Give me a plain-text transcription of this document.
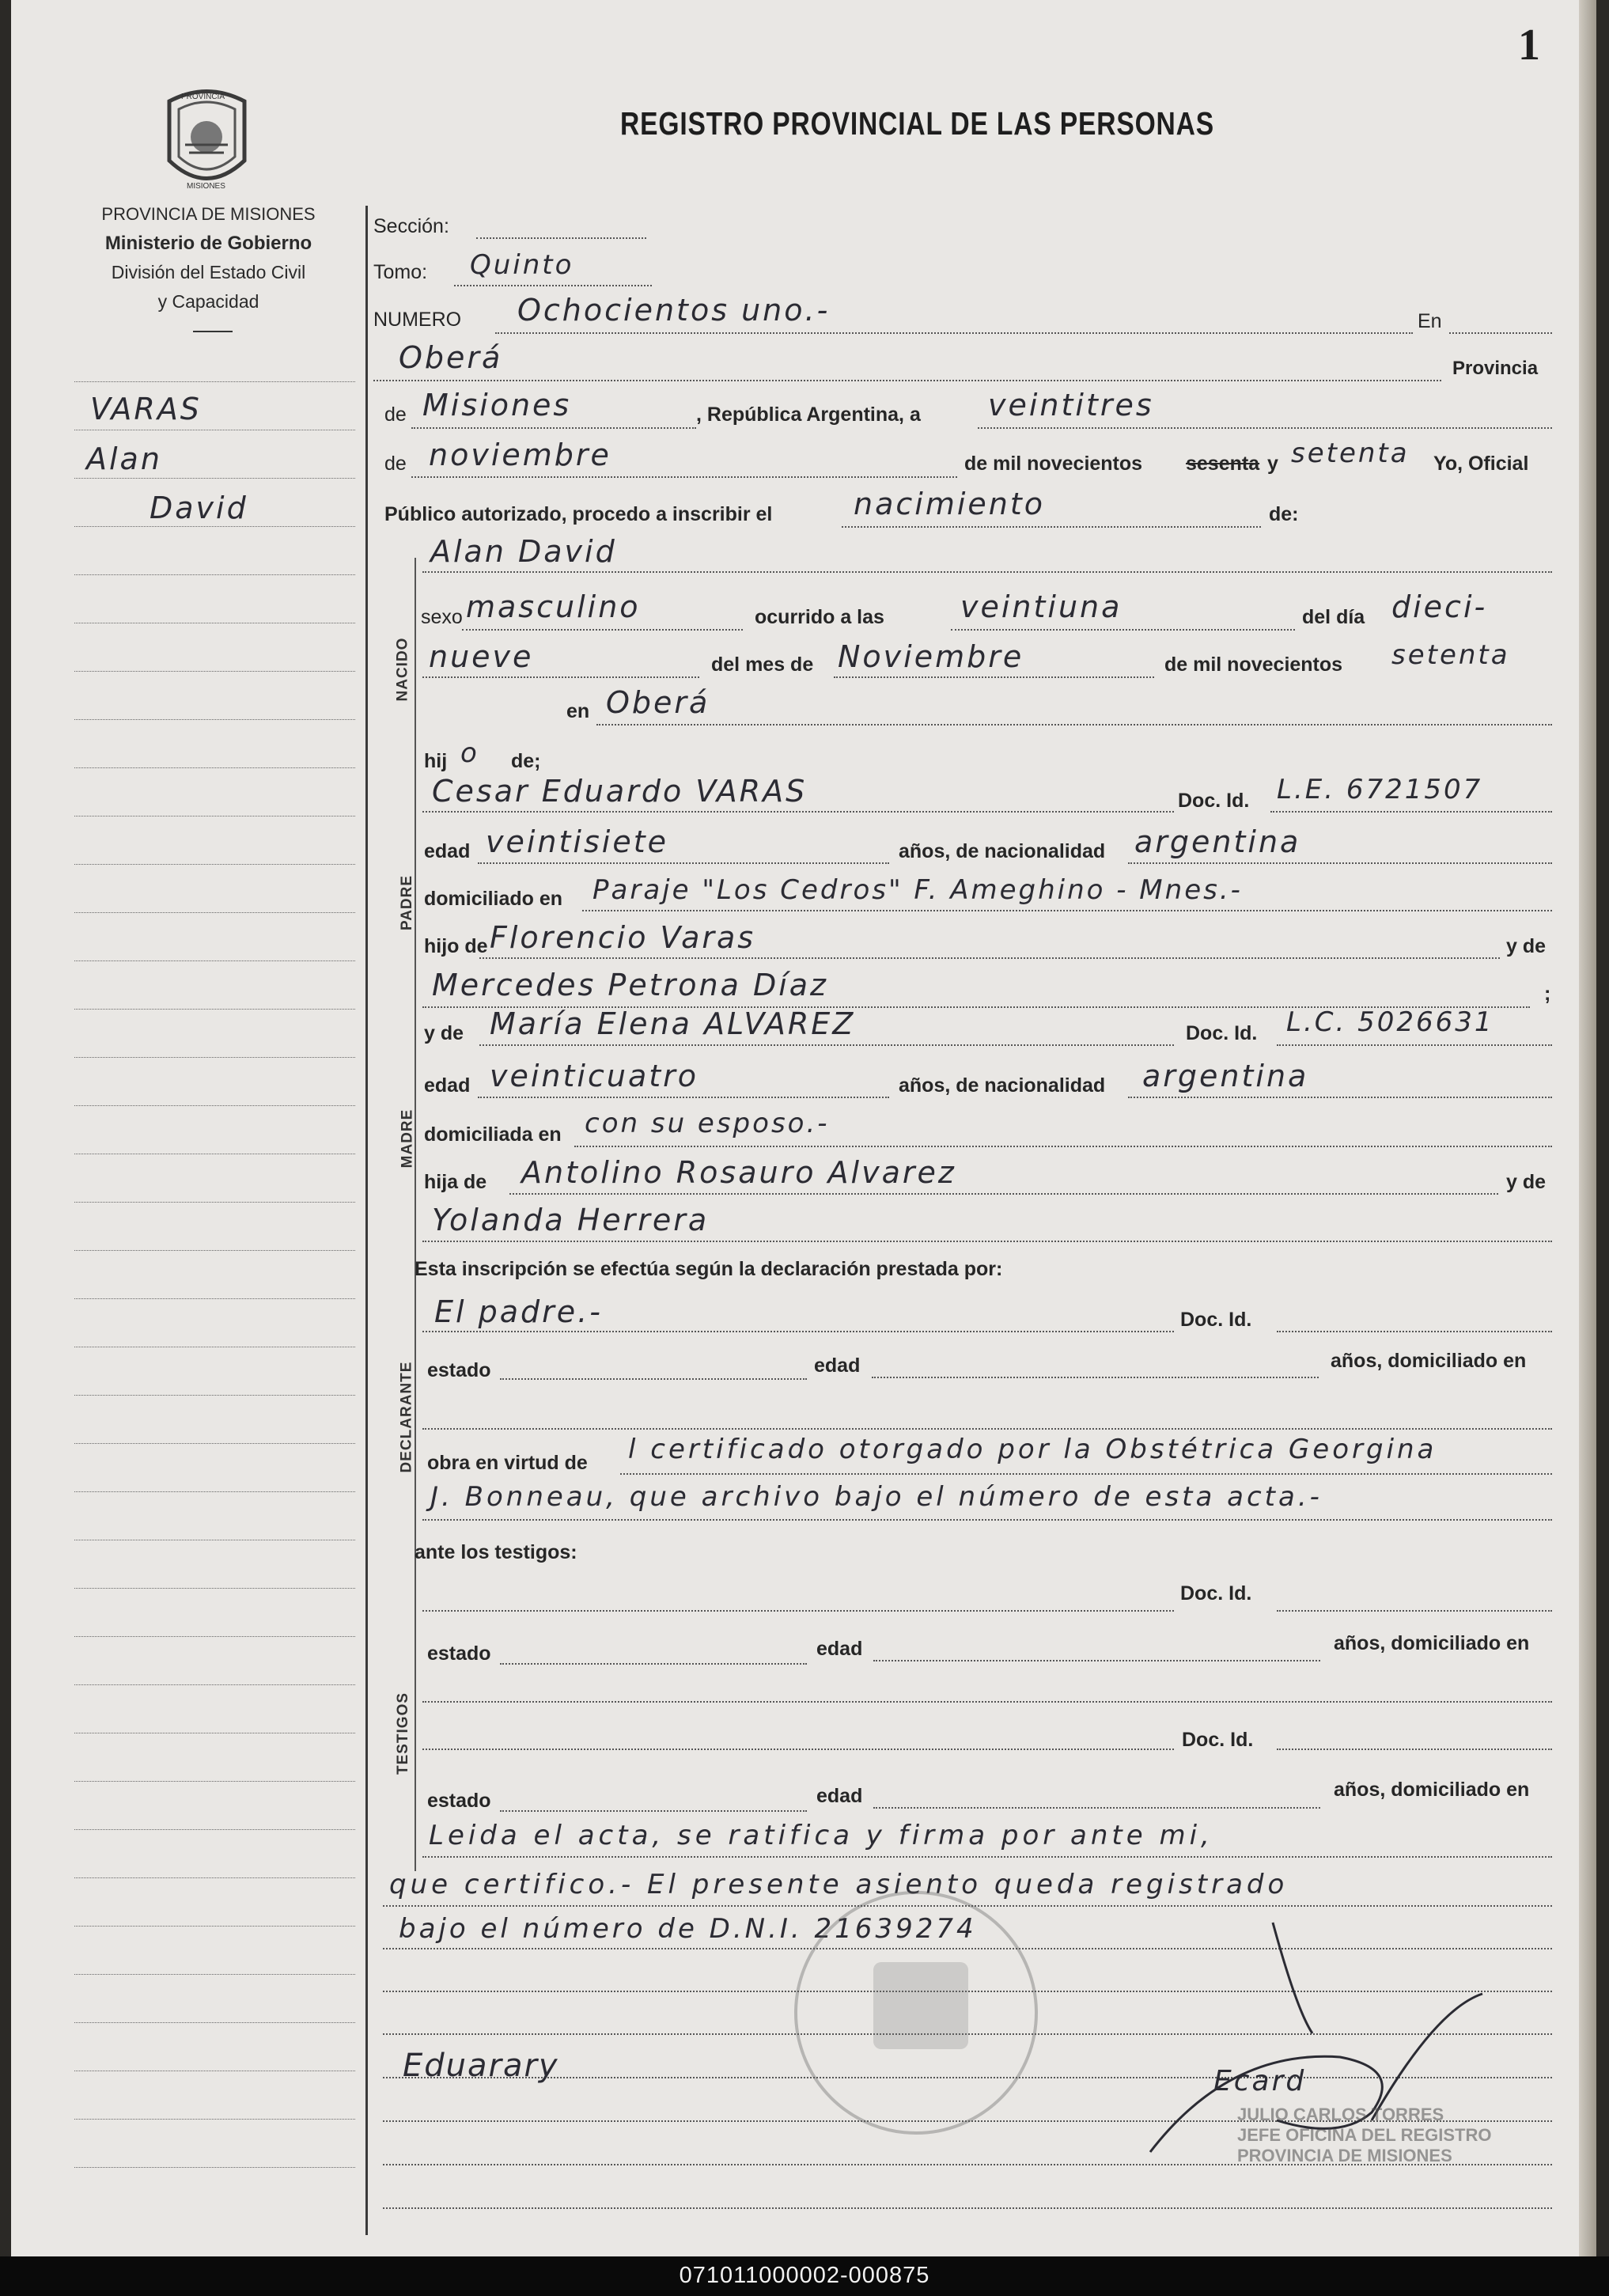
1
REGISTRO PROVINCIAL DE LAS PERSONAS
PROVINCIA
MISIONES
PROVINCIA DE MISIONES
Ministerio de Gobierno
División del Estado Civil
y Capacidad
VARAS
Alan
David
Sección:
Tomo: Quinto
NUMERO Ochocientos uno.-	En
Oberá	Provincia
de Misiones	, República Argentina, a veintitres
de noviembre	de mil novecientos sesenta y setenta Yo, Oficial
Público autorizado, procedo a inscribir el	nacimiento	de:
NACIDO
Alan David
sexo masculino	ocurrido a las	veintiuna	del día dieci-
nueve	del mes de Noviembre	de mil novecientos setenta
en Oberá
hij o de;
PADRE
Cesar Eduardo VARAS	Doc. Id. L.E. 6721507
edad veintisiete	años, de nacionalidad argentina
domiciliado en Paraje "Los Cedros" F. Ameghino - Mnes.-
hijo de Florencio Varas	y de
Mercedes Petrona Díaz	;
MADRE
y de María Elena ALVAREZ	Doc. Id. L.C. 5026631
edad veinticuatro	años, de nacionalidad argentina
domiciliada en con su esposo.-
hija de Antolino Rosauro Alvarez	y de
Yolanda Herrera
Esta inscripción se efectúa según la declaración prestada por:
DECLARANTE
El padre.-	Doc. Id.
estado	edad	años, domiciliado en
obra en virtud de l certificado otorgado por la Obstétrica Georgina
J. Bonneau, que archivo bajo el número de esta acta.-
ante los testigos:
TESTIGOS
Doc. Id.
estado	edad	años, domiciliado en
Doc. Id.
estado	edad	años, domiciliado en
Leida el acta, se ratifica y firma por ante mi,
que certifico.- El presente asiento queda registrado
bajo el número de D.N.I. 21639274
Eduarary	Ecard
JULIO CARLOS TORRES
JEFE OFICINA DEL REGISTRO
PROVINCIA DE MISIONES
071011000002-000875
